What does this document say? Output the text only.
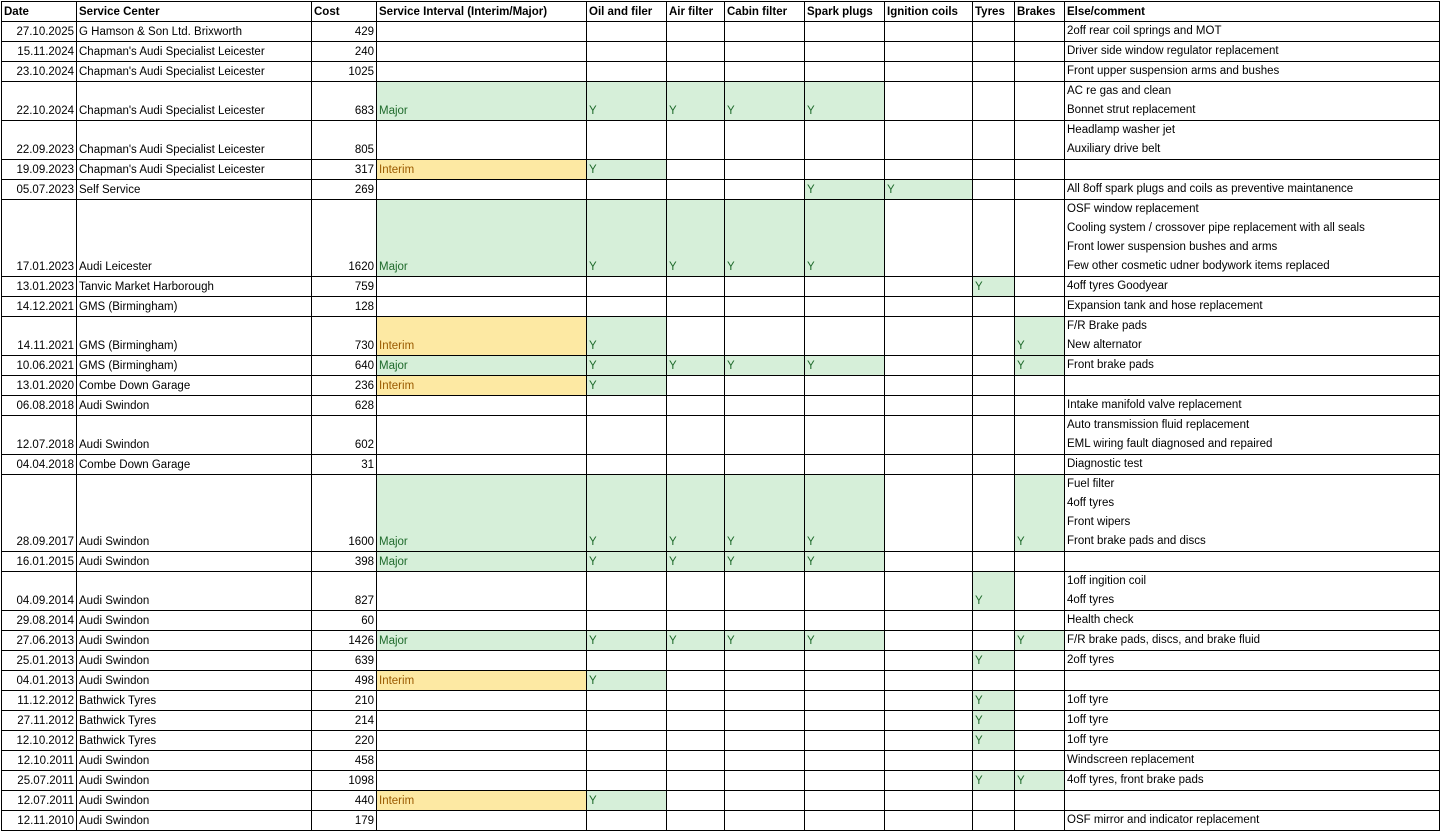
Date	Service Center	Cost	Service Interval (Interim/Major)	Oil and filer	Air filter	Cabin filter	Spark plugs	Ignition coils	Tyres	Brakes	Else/comment
27.10.2025	G Hamson & Son Ltd. Brixworth	429									2off rear coil springs and MOT

15.11.2024	Chapman's Audi Specialist Leicester	240									Driver side window regulator replacement

23.10.2024	Chapman's Audi Specialist Leicester	1025									Front upper suspension arms and bushes

22.10.2024	Chapman's Audi Specialist Leicester	683	Major	Y	Y	Y	Y				AC re gas and clean
Bonnet strut replacement

22.09.2023	Chapman's Audi Specialist Leicester	805									Headlamp washer jet
Auxiliary drive belt

19.09.2023	Chapman's Audi Specialist Leicester	317	Interim	Y							

05.07.2023	Self Service	269					Y	Y			All 8off spark plugs and coils as preventive maintanence

17.01.2023	Audi Leicester	1620	Major	Y	Y	Y	Y				OSF window replacement
Cooling system / crossover pipe replacement with all seals
Front lower suspension bushes and arms
Few other cosmetic udner bodywork items replaced

13.01.2023	Tanvic Market Harborough	759							Y		4off tyres Goodyear

14.12.2021	GMS (Birmingham)	128									Expansion tank and hose replacement

14.11.2021	GMS (Birmingham)	730	Interim	Y						Y	F/R Brake pads
New alternator

10.06.2021	GMS (Birmingham)	640	Major	Y	Y	Y	Y			Y	Front brake pads

13.01.2020	Combe Down Garage	236	Interim	Y							

06.08.2018	Audi Swindon	628									Intake manifold valve replacement

12.07.2018	Audi Swindon	602									Auto transmission fluid replacement
EML wiring fault diagnosed and repaired

04.04.2018	Combe Down Garage	31									Diagnostic test

28.09.2017	Audi Swindon	1600	Major	Y	Y	Y	Y			Y	Fuel filter
4off tyres
Front wipers
Front brake pads and discs

16.01.2015	Audi Swindon	398	Major	Y	Y	Y	Y				

04.09.2014	Audi Swindon	827							Y		1off ingition coil
4off tyres

29.08.2014	Audi Swindon	60									Health check

27.06.2013	Audi Swindon	1426	Major	Y	Y	Y	Y			Y	F/R brake pads, discs, and brake fluid

25.01.2013	Audi Swindon	639							Y		2off tyres

04.01.2013	Audi Swindon	498	Interim	Y							

11.12.2012	Bathwick Tyres	210							Y		1off tyre

27.11.2012	Bathwick Tyres	214							Y		1off tyre

12.10.2012	Bathwick Tyres	220							Y		1off tyre

12.10.2011	Audi Swindon	458									Windscreen replacement

25.07.2011	Audi Swindon	1098							Y	Y	4off tyres, front brake pads

12.07.2011	Audi Swindon	440	Interim	Y							

12.11.2010	Audi Swindon	179									OSF mirror and indicator replacement
